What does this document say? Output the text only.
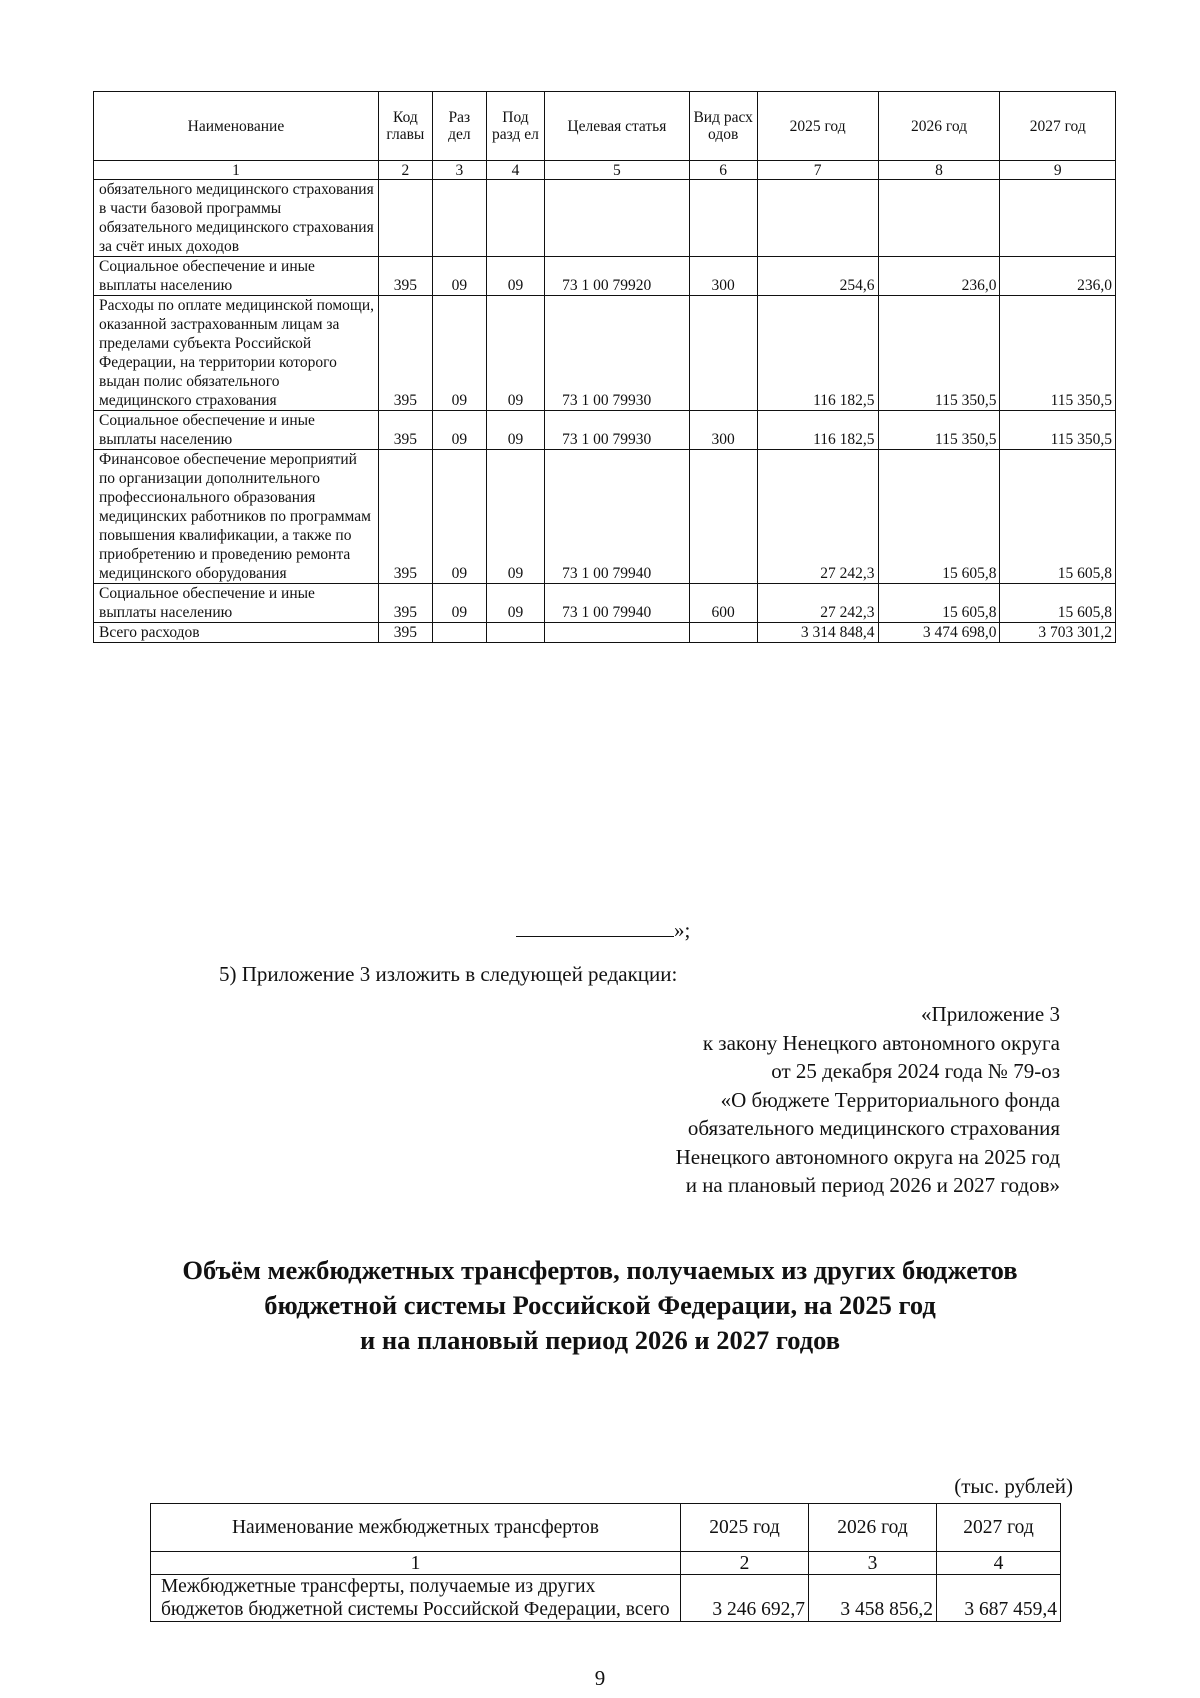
Наименование	Код главы	Раз дел	Под разд ел	Целевая статья	Вид расх одов	2025 год	2026 год	2027 год
1	2	3	4	5	6	7	8	9
обязательного медицинского страхования в части базовой программы обязательного медицинского страхования за счёт иных доходов								
Социальное обеспечение и иные выплаты населению	395	09	09	73 1 00 79920	300	254,6	236,0	236,0
Расходы по оплате медицинской помощи, оказанной застрахованным лицам за пределами субъекта Российской Федерации, на территории которого выдан полис обязательного медицинского страхования	395	09	09	73 1 00 79930		116 182,5	115 350,5	115 350,5
Социальное обеспечение и иные выплаты населению	395	09	09	73 1 00 79930	300	116 182,5	115 350,5	115 350,5
Финансовое обеспечение мероприятий по организации дополнительного профессионального образования медицинских работников по программам повышения квалификации, а также по приобретению и проведению ремонта медицинского оборудования	395	09	09	73 1 00 79940		27 242,3	15 605,8	15 605,8
Социальное обеспечение и иные выплаты населению	395	09	09	73 1 00 79940	600	27 242,3	15 605,8	15 605,8
Всего расходов	395					3 314 848,4	3 474 698,0	3 703 301,2
»;
5) Приложение 3 изложить в следующей редакции:
«Приложение 3
к закону Ненецкого автономного округа
от 25 декабря 2024 года № 79-оз
«О бюджете Территориального фонда
обязательного медицинского страхования
Ненецкого автономного округа на 2025 год
и на плановый период 2026 и 2027 годов»
Объём межбюджетных трансфертов, получаемых из других бюджетов
бюджетной системы Российской Федерации, на 2025 год
и на плановый период 2026 и 2027 годов
(тыс. рублей)
Наименование межбюджетных трансфертов	2025 год	2026 год	2027 год
1	2	3	4
Межбюджетные трансферты, получаемые из других бюджетов бюджетной системы Российской Федерации, всего	3 246 692,7	3 458 856,2	3 687 459,4
9
